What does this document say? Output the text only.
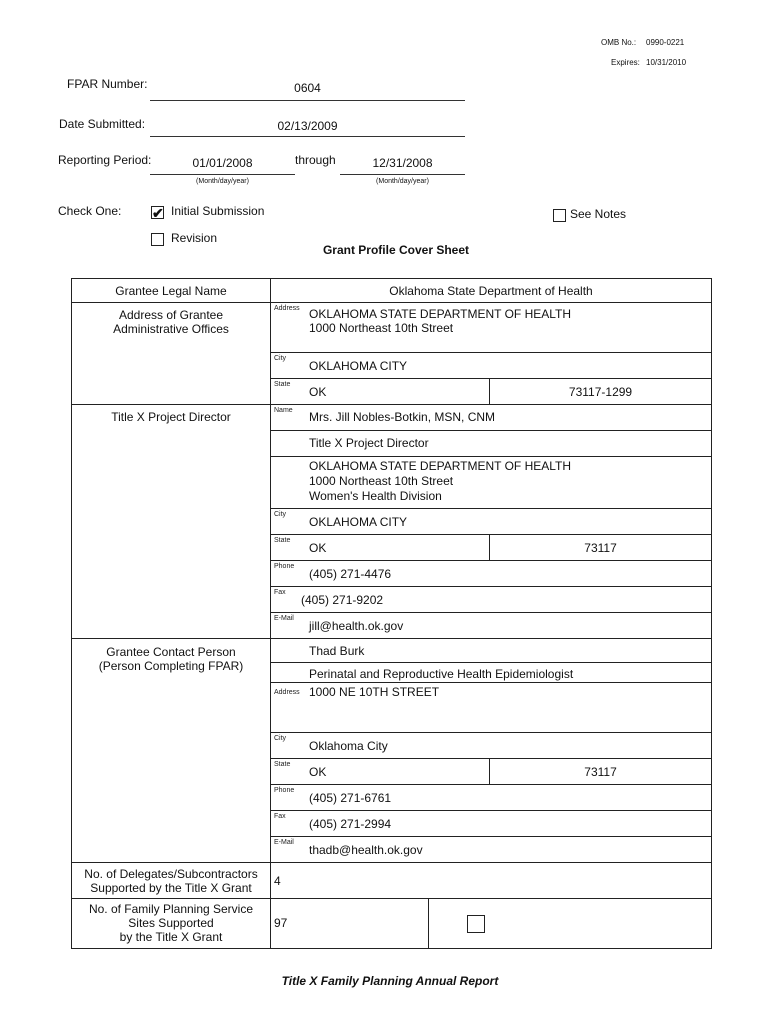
OMB No.: 0990-0221
Expires: 10/31/2010
FPAR Number:	0604
Date Submitted:	02/13/2009
Reporting Period:	01/01/2008	through	12/31/2008
(Month/day/year)	(Month/day/year)
Check One: ✔ Initial Submission
Revision
See Notes
Grant Profile Cover Sheet
Grantee Legal Name	Oklahoma State Department of Health		

Address of Grantee Administrative Offices	Address OKLAHOMA STATE DEPARTMENT OF HEALTH
1000 Northeast 10th Street		

	City
OKLAHOMA CITY		

	State
OK		73117-1299

Title X Project Director	Name Mrs. Jill Nobles-Botkin, MSN, CNM		

	Title X Project Director		

	OKLAHOMA STATE DEPARTMENT OF HEALTH
1000 Northeast 10th Street
Women's Health Division		

	City
OKLAHOMA CITY		

	State
OK		73117

	Phone
(405) 271-4476		

	Fax
(405) 271-9202		

	E-Mail
jill@health.ok.gov		

Grantee Contact Person
(Person Completing FPAR)	Thad Burk		

	Perinatal and Reproductive Health Epidemiologist		

	Address 1000 NE 10TH STREET		

	City
Oklahoma City		

	State
OK		73117

	Phone
(405) 271-6761		

	Fax
(405) 271-2994		

	E-Mail
thadb@health.ok.gov		

No. of Delegates/Subcontractors
Supported by the Title X Grant	4		

No. of Family Planning Service
Sites Supported
by the Title X Grant	97		

Title X Family Planning Annual Report
